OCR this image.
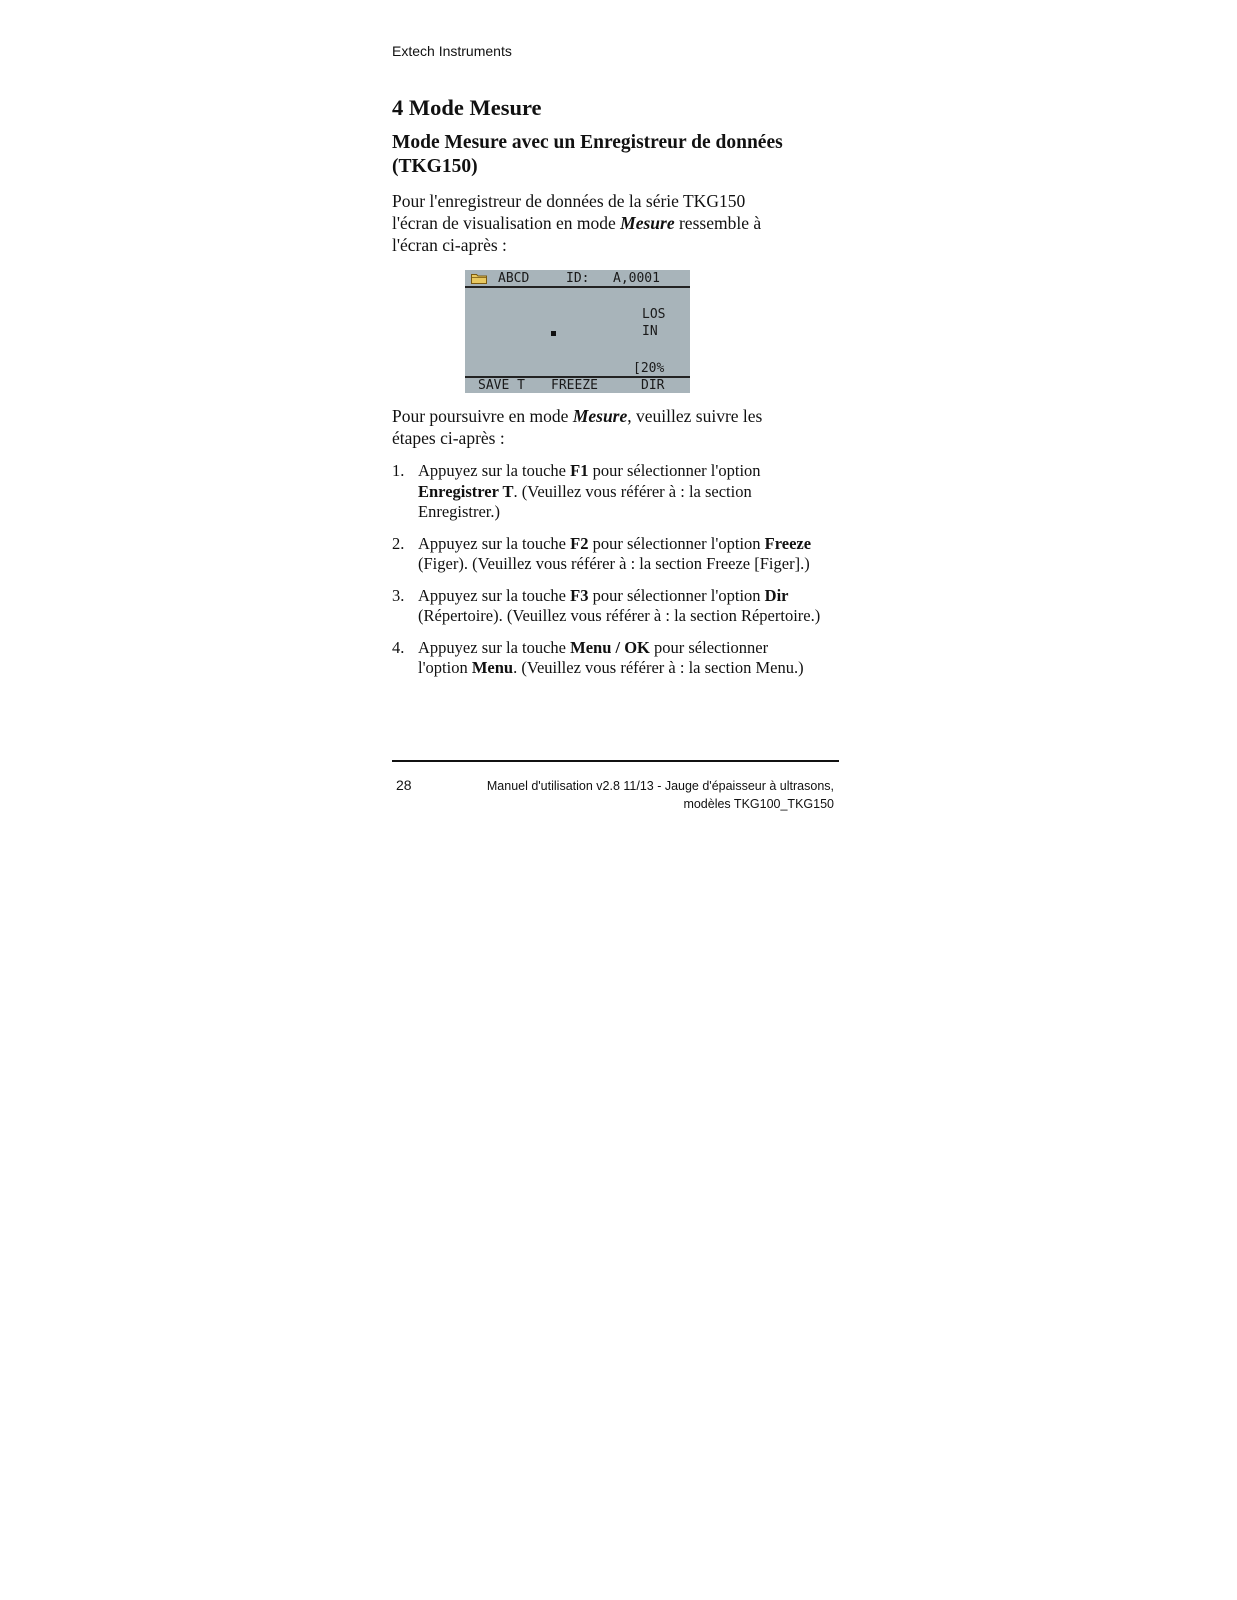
Extech Instruments
4 Mode Mesure
Mode Mesure avec un Enregistreur de données (TKG150)

Pour l'enregistreur de données de la série TKG150
l'écran de visualisation en mode Mesure ressemble à
l'écran ci-après :

ABCD	ID: A,0001
LOS
IN
[20%
SAVE T FREEZE	DIR

Pour poursuivre en mode Mesure, veuillez suivre les
étapes ci-après :

1. Appuyez sur la touche F1 pour sélectionner l'option
Enregistrer T. (Veuillez vous référer à : la section
Enregistrer.)
2. Appuyez sur la touche F2 pour sélectionner l'option Freeze
(Figer). (Veuillez vous référer à : la section Freeze [Figer].)
3. Appuyez sur la touche F3 pour sélectionner l'option Dir
(Répertoire). (Veuillez vous référer à : la section Répertoire.)
4. Appuyez sur la touche Menu / OK pour sélectionner
l'option Menu. (Veuillez vous référer à : la section Menu.)
28	Manuel d'utilisation v2.8 11/13 - Jauge d'épaisseur à ultrasons,
modèles TKG100_TKG150
